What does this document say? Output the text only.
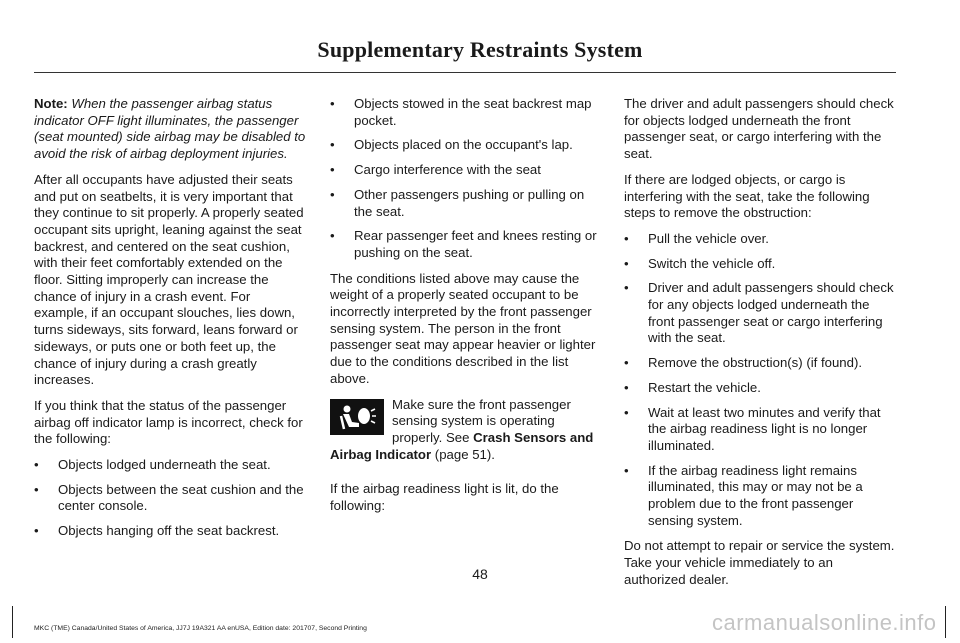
Supplementary Restraints System

Note: When the passenger airbag status indicator OFF light illuminates, the passenger (seat mounted) side airbag may be disabled to avoid the risk of airbag deployment injuries.

After all occupants have adjusted their seats and put on seatbelts, it is very important that they continue to sit properly. A properly seated occupant sits upright, leaning against the seat backrest, and centered on the seat cushion, with their feet comfortably extended on the floor. Sitting improperly can increase the chance of injury in a crash event. For example, if an occupant slouches, lies down, turns sideways, sits forward, leans forward or sideways, or puts one or both feet up, the chance of injury during a crash greatly increases.

If you think that the status of the passenger airbag off indicator lamp is incorrect, check for the following:

• Objects lodged underneath the seat.
• Objects between the seat cushion and the center console.
• Objects hanging off the seat backrest.
• Objects stowed in the seat backrest map pocket.
• Objects placed on the occupant's lap.
• Cargo interference with the seat
• Other passengers pushing or pulling on the seat.
• Rear passenger feet and knees resting or pushing on the seat.

The conditions listed above may cause the weight of a properly seated occupant to be incorrectly interpreted by the front passenger sensing system. The person in the front passenger seat may appear heavier or lighter due to the conditions described in the list above.

Make sure the front passenger sensing system is operating properly. See Crash Sensors and Airbag Indicator (page 51).

If the airbag readiness light is lit, do the following:

The driver and adult passengers should check for objects lodged underneath the front passenger seat, or cargo interfering with the seat.

If there are lodged objects, or cargo is interfering with the seat, take the following steps to remove the obstruction:

• Pull the vehicle over.
• Switch the vehicle off.
• Driver and adult passengers should check for any objects lodged underneath the front passenger seat or cargo interfering with the seat.
• Remove the obstruction(s) (if found).
• Restart the vehicle.
• Wait at least two minutes and verify that the airbag readiness light is no longer illuminated.
• If the airbag readiness light remains illuminated, this may or may not be a problem due to the front passenger sensing system.

Do not attempt to repair or service the system. Take your vehicle immediately to an authorized dealer.

48
MKC (TME) Canada/United States of America, JJ7J 19A321 AA enUSA, Edition date: 201707, Second Printing	carmanualsonline.info
